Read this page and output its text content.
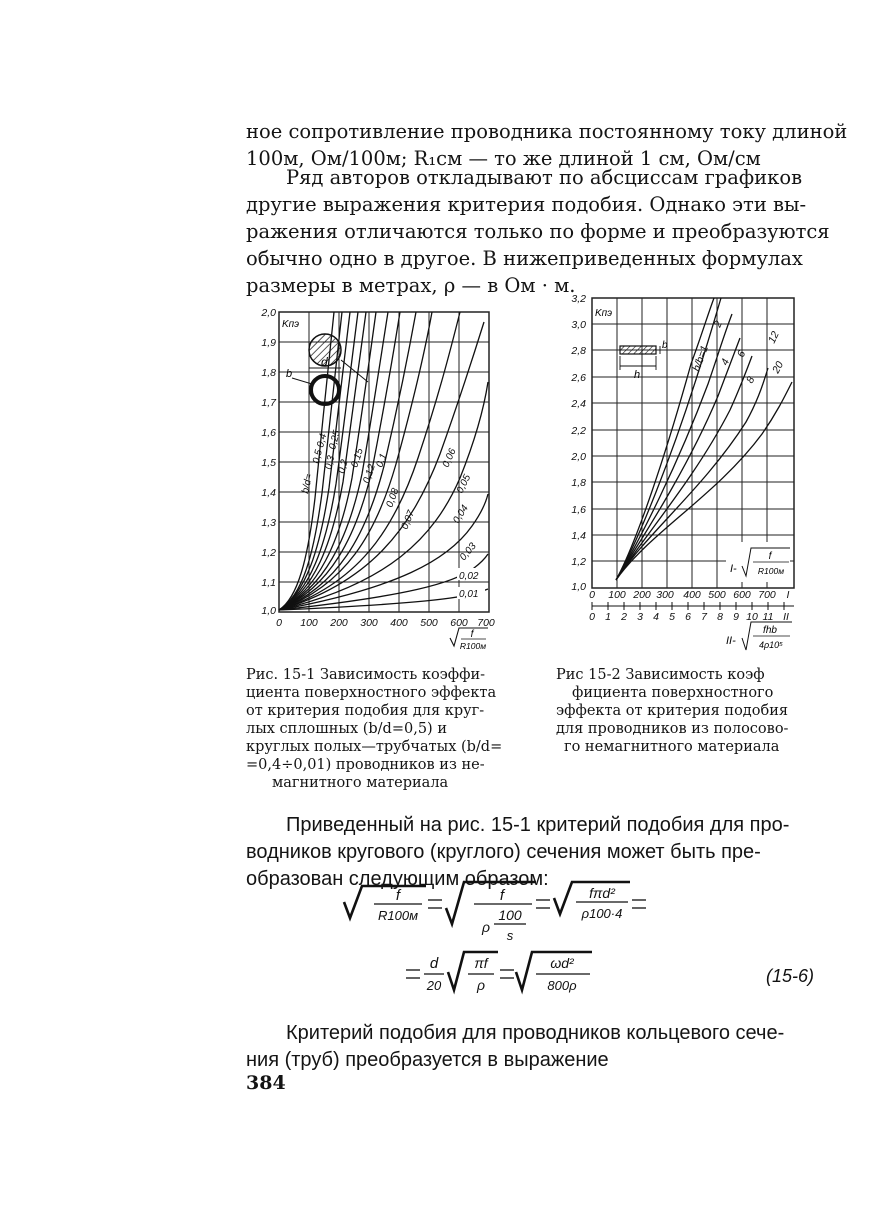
ное сопротивление проводника постоянному току длиной
100м, Ом/100м; R₁см — то же длиной 1 см, Ом/см
Ряд авторов откладывают по абсциссам графиков
другие выражения критерия подобия. Однако эти вы-
ражения отличаются только по форме и преобразуются
обычно одно в другое. В нижеприведенных формулах
размеры в метрах, ρ — в Ом · м.
2,0
1,9
1,8
1,7
1,6
1,5
1,4
1,3
1,2
1,1
1,0
Kпэ
0 100 200 300 400 500 600 700
f
R100м
d
b
b/d=
0,5
0,4
0,3
0,25
0,2
0,15
0,12
0,1
0,08
0,07
0,06
0,05
0,04
0,03
0,02
0,01
3,2
3,0
2,8
2,6
2,4
2,2
2,0
1,8
1,6
1,4
1,2
1,0
Kпэ
0 100 200 300 400 500 600 700 I
0 1 2 3 4 5 6 7 8 9 10 11 II
I-
f
R100м
II-
fhb
4ρ10⁵
h
b h/b=1
2
4
6
8
12
20
Рис. 15-1 Зависимость коэффи-
циента поверхностного эффекта
от критерия подобия для круг-
лых сплошных (b/d=0,5) и
круглых полых—трубчатых (b/d=
=0,4÷0,01) проводников из не-
магнитного материала
Рис 15-2 Зависимость коэф
фициента поверхностного
эффекта от критерия подобия
для проводников из полосово-
го немагнитного материала
Приведенный на рис. 15-1 критерий подобия для про-
водников кругового (круглого) сечения может быть пре-
образован следующим образом:
f
R100м
f
100
ρ
s
fπd²
ρ100·4
d
20
πf
ρ
ωd²
800ρ	(15-6)
Критерий подобия для проводников кольцевого сече-
ния (труб) преобразуется в выражение
384
